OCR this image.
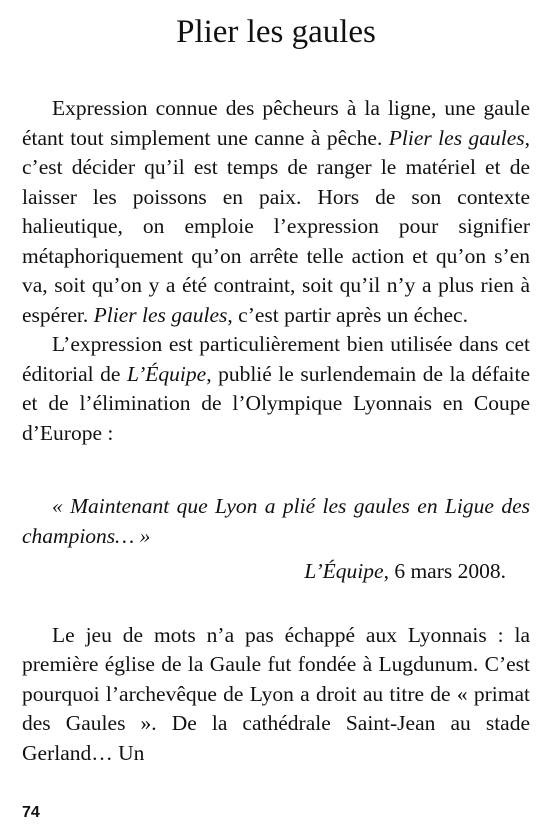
Plier les gaules

Expression connue des pêcheurs à la ligne, une gaule étant tout simplement une canne à pêche. Plier les gaules, c’est décider qu’il est temps de ranger le matériel et de laisser les poissons en paix. Hors de son contexte halieutique, on emploie l’expression pour signifier métaphoriquement qu’on arrête telle action et qu’on s’en va, soit qu’on y a été contraint, soit qu’il n’y a plus rien à espérer. Plier les gaules, c’est partir après un échec.

L’expression est particulièrement bien utilisée dans cet éditorial de L’Équipe, publié le surlendemain de la défaite et de l’élimination de l’Olympique Lyonnais en Coupe d’Europe :

« Maintenant que Lyon a plié les gaules en Ligue des champions… »

L’Équipe, 6 mars 2008.

Le jeu de mots n’a pas échappé aux Lyonnais : la première église de la Gaule fut fondée à Lugdunum. C’est pourquoi l’archevêque de Lyon a droit au titre de « primat des Gaules ». De la cathédrale Saint-Jean au stade Gerland… Un

74
